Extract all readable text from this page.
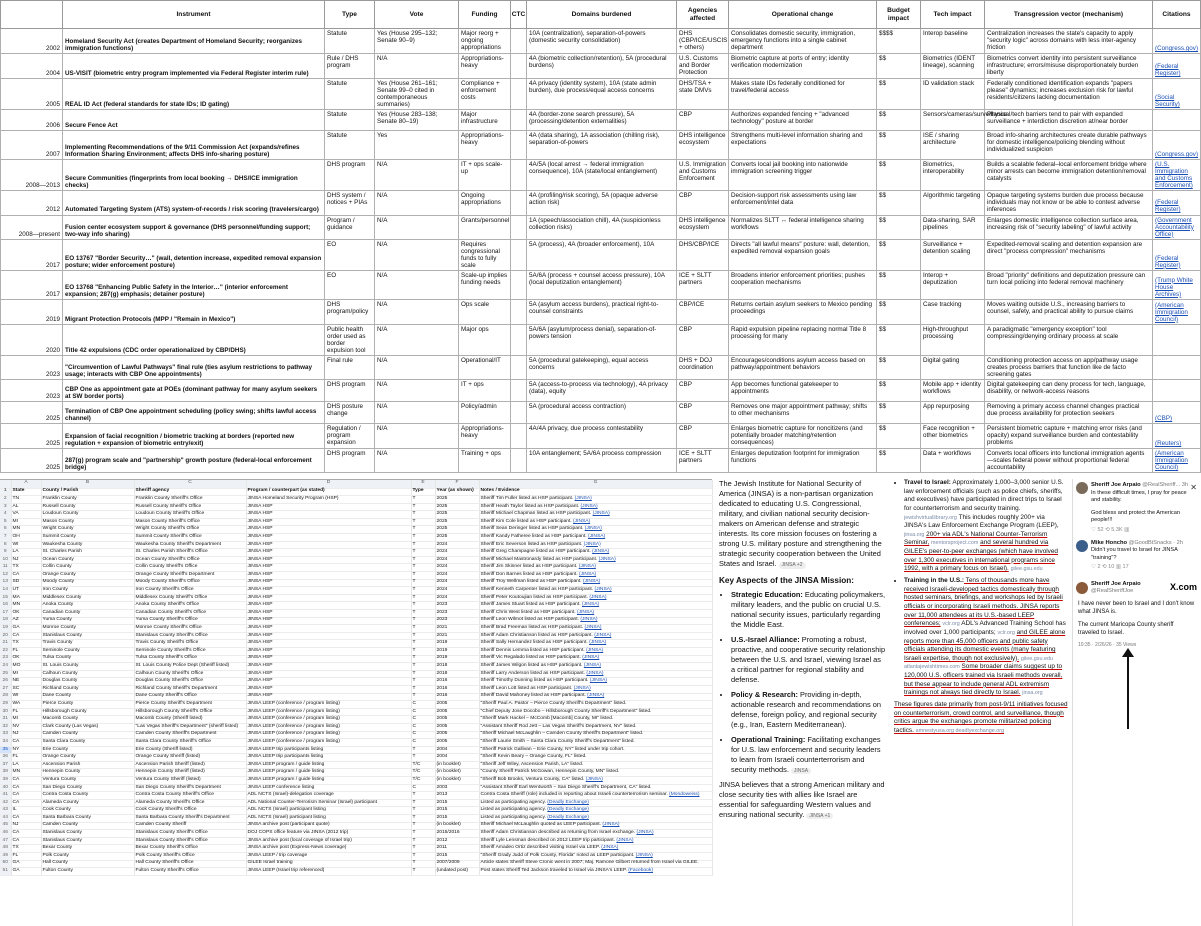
	Instrument	Type	Vote	Funding	CTC	Domains burdened	Agencies affected	Operational change	Budget impact	Tech impact	Transgression vector (mechanism)	Citations
2002	Homeland Security Act (creates Department of Homeland Security; reorganizes immigration functions)	Statute	Yes (House 295–132; Senate 90–9)	Major reorg + ongoing appropriations		10A (centralization), separation-of-powers (domestic security consolidation)	DHS (CBP/ICE/USCIS + others)	Consolidates domestic security, immigration, emergency functions into a single cabinet department	$$$$	Interop baseline	Centralization increases the state's capacity to apply "security logic" across domains with less inter-agency friction	(Congress.gov)
2004	US-VISIT (biometric entry program implemented via Federal Register interim rule)	Rule / DHS program	N/A	Appropriations-heavy		4A (biometric collection/retention), 5A (procedural burdens)	U.S. Customs and Border Protection	Biometric capture at ports of entry; identity verification modernization	$$	Biometrics (IDENT lineage), scanning	Biometrics convert identity into persistent surveillance infrastructure; errors/misuse disproportionately burden liberty	(Federal Register)
2005	REAL ID Act (federal standards for state IDs; ID gating)	Statute	Yes (House 261–161; Senate 99–0 cited in contemporaneous summaries)	Compliance + enforcement costs		4A privacy (identity system), 10A (state admin burden), due process/equal access concerns	DHS/TSA + state DMVs	Makes state IDs federally conditioned for travel/federal access	$$	ID validation stack	Federally conditioned identification expands "papers please" dynamics; increases exclusion risk for lawful residents/citizens lacking documentation	(Social Security)
2006	Secure Fence Act	Statute	Yes (House 283–138; Senate 80–19)	Major infrastructure		4A (border-zone search pressure), 5A (processing/detention externalities)	CBP	Authorizes expanded fencing + "advanced technology" posture at border	$$	Sensors/cameras/surveillance	Physical/tech barriers tend to pair with expanded surveillance + interdiction discretion at/near border	
2007	Implementing Recommendations of the 9/11 Commission Act (expands/refines Information Sharing Environment; affects DHS info-sharing posture)	Statute	Yes	Appropriations-heavy		4A (data sharing), 1A association (chilling risk), separation-of-powers	DHS intelligence ecosystem	Strengthens multi-level information sharing and expectations	$$	ISE / sharing architecture	Broad info-sharing architectures create durable pathways for domestic intelligence/policing blending without individualized suspicion	(Congress.gov)
2008—2013	Secure Communities (fingerprints from local booking → DHS/ICE immigration checks)	DHS program	N/A	IT + ops scale-up		4A/5A (local arrest → federal immigration consequence), 10A (state/local entanglement)	U.S. Immigration and Customs Enforcement	Converts local jail booking into nationwide immigration screening trigger	$$	Biometrics, interoperability	Builds a scalable federal–local enforcement bridge where minor arrests can become immigration detention/removal catalysts	(U.S. Immigration and Customs Enforcement)
2012	Automated Targeting System (ATS) system-of-records / risk scoring (travelers/cargo)	DHS system / notices + PIAs	N/A	Ongoing appropriations		4A (profiling/risk scoring), 5A (opaque adverse action risk)	CBP	Decision-support risk assessments using law enforcement/intel data	$$	Algorithmic targeting	Opaque targeting systems burden due process because individuals may not know or be able to contest adverse inferences	(Federal Register)
2008—present	Fusion center ecosystem support & governance (DHS personnel/funding support; two-way info sharing)	Program / guidance	N/A	Grants/personnel		1A (speech/association chill), 4A (suspicionless collection risks)	DHS intelligence ecosystem	Normalizes SLTT ↔ federal intelligence sharing workflows	$$	Data-sharing, SAR pipelines	Enlarges domestic intelligence collection surface area, increasing risk of "security labeling" of lawful activity	(Government Accountability Office)
2017	EO 13767 "Border Security…" (wall, detention increase, expedited removal expansion posture; wider enforcement posture)	EO	N/A	Requires congressional funds to fully scale		5A (process), 4A (broader enforcement), 10A	DHS/CBP/ICE	Directs "all lawful means" posture: wall, detention, expedited removal expansion goals	$$	Surveillance + detention scaling	Expedited-removal scaling and detention expansion are direct "process compression" mechanisms	(Federal Register)
2017	EO 13768 "Enhancing Public Safety in the Interior…" (interior enforcement expansion; 287(g) emphasis; detainer posture)	EO	N/A	Scale-up implies funding needs		5A/6A (process + counsel access pressure), 10A (local deputization entanglement)	ICE + SLTT partners	Broadens interior enforcement priorities; pushes cooperation mechanisms	$$	Interop + deputization	Broad "priority" definitions and deputization pressure can turn local policing into federal removal machinery	(Trump White House Archives)
2019	Migrant Protection Protocols (MPP / "Remain in Mexico")	DHS program/policy	N/A	Ops scale		5A (asylum access burdens), practical right-to-counsel constraints	CBP/ICE	Returns certain asylum seekers to Mexico pending proceedings	$$	Case tracking	Moves waiting outside U.S., increasing barriers to counsel, safety, and practical ability to pursue claims	(American Immigration Council)
2020	Title 42 expulsions (CDC order operationalized by CBP/DHS)	Public health order used as border expulsion tool	N/A	Major ops		5A/6A (asylum/process denial), separation-of-powers tension	CBP	Rapid expulsion pipeline replacing normal Title 8 processing for many	$$	High-throughput processing	A paradigmatic "emergency exception" tool compressing/denying ordinary process at scale	
2023	"Circumvention of Lawful Pathways" final rule (ties asylum restrictions to pathway usage; interacts with CBP One appointments)	Final rule	N/A	Operational/IT		5A (procedural gatekeeping), equal access concerns	DHS + DOJ coordination	Encourages/conditions asylum access based on pathway/appointment behaviors	$$	Digital gating	Conditioning protection access on app/pathway usage creates process barriers that function like de facto screening gates	
2023	CBP One as appointment gate at POEs (dominant pathway for many asylum seekers at SW border ports)	DHS program	N/A	IT + ops		5A (access-to-process via technology), 4A privacy (data), equity	CBP	App becomes functional gatekeeper to appointments	$$	Mobile app + identity workflows	Digital gatekeeping can deny process for tech, language, disability, or network-access reasons	
2025	Termination of CBP One appointment scheduling (policy swing; shifts lawful access channel)	DHS posture change	N/A	Policy/admin		5A (procedural access contraction)	CBP	Removes one major appointment pathway; shifts to other mechanisms	$$	App repurposing	Removing a primary access channel changes practical due process availability for protection seekers	(CBP)
2025	Expansion of facial recognition / biometric tracking at borders (reported new regulation + expansion of biometric entry/exit)	Regulation / program expansion	N/A	Appropriations-heavy		4A/4A privacy, due process contestability	CBP	Enlarges biometric capture for noncitizens (and potentially broader matching/retention consequences)	$$	Face recognition + other biometrics	Persistent biometric capture + matching error risks (and opacity) expand surveillance burden and contestability problems	(Reuters)
2025	287(g) program scale and "partnership" growth posture (federal-local enforcement bridge)	DHS program	N/A	Training + ops		10A entanglement; 5A/6A process compression	ICE + SLTT partners	Enlarges deputization footprint for immigration functions	$$	Data + workflows	Converts local officers into functional immigration agents—scales federal power without proportional federal accountability	(American Immigration Council)
	A	B	C	D	E	F	G
1	State	County / Parish	Sheriff agency	Program / counterpart (as stated)	Type	Year (as shown)	Notes / Evidence
2	TN	Franklin County	Franklin County Sheriff's Office	JINSA Homeland Security Program (HSP)	T	2025	Sheriff Tim Fuller listed as HSP participant. (JINSA)
3	AL	Russell County	Russell County Sheriff's Office	JINSA HSP	T	2025	Sheriff Heath Taylor listed as HSP participant. (JINSA)
4	VA	Loudoun County	Loudoun County Sheriff's Office	JINSA HSP	T	2025	Sheriff Michael Chapman listed as HSP participant. (JINSA)
5	MI	Mason County	Mason County Sheriff's Office	JINSA HSP	T	2025	Sheriff Kim Cole listed as HSP participant. (JINSA)
6	MN	Wright County	Wright County Sheriff's Office	JINSA HSP	T	2025	Sheriff Sean Deringer listed as HSP participant. (JINSA)
7	OH	Summit County	Summit County Sheriff's Office	JINSA HSP	T	2025	Sheriff Kandy Fatheree listed as HSP participant. (JINSA)
8	WI	Waukesha County	Waukesha County Sheriff's Department	JINSA HSP	T	2024	Sheriff Eric Severson listed as HSP participant. (JINSA)
9	LA	St. Charles Parish	St. Charles Parish Sheriff's Office	JINSA HSP	T	2024	Sheriff Greg Champagne listed as HSP participant. (JINSA)
10	NJ	Ocean County	Ocean County Sheriff's Office	JINSA HSP	T	2024	Sheriff Michael Mastronardy listed as HSP participant. (JINSA)
11	TX	Collin County	Collin County Sheriff's Office	JINSA HSP	T	2024	Sheriff Jim Skinner listed as HSP participant. (JINSA)
12	CA	Orange County	Orange County Sheriff's Department	JINSA HSP	T	2024	Sheriff Don Barnes listed as HSP participant. (JINSA)
13	SD	Moody County	Moody County Sheriff's Office	JINSA HSP	T	2024	Sheriff Troy Wellman listed as HSP participant. (JINSA)
14	UT	Iron County	Iron County Sheriff's Office	JINSA HSP	T	2024	Sheriff Kenneth Carpenter listed as HSP participant. (JINSA)
15	MA	Middlesex County	Middlesex County Sheriff's Office	JINSA HSP	T	2024	Sheriff Peter Koutoujian listed as HSP participant. (JINSA)
16	MN	Anoka County	Anoka County Sheriff's Office	JINSA HSP	T	2023	Sheriff James Stuart listed as HSP participant. (JINSA)
17	OK	Canadian County	Canadian County Sheriff's Office	JINSA HSP	T	2023	Sheriff Chris West listed as HSP participant. (JINSA)
18	AZ	Yuma County	Yuma County Sheriff's Office	JINSA HSP	T	2023	Sheriff Leon Wilmot listed as HSP participant. (JINSA)
19	GA	Monroe County	Monroe County Sheriff's Office	JINSA HSP	T	2021	Sheriff Brad Freeman listed as HSP participant. (JINSA)
20	CA	Stanislaus County	Stanislaus County Sheriff's Office	JINSA HSP	T	2021	Sheriff Adam Christianson listed as HSP participant. (JINSA)
21	TX	Travis County	Travis County Sheriff's Office	JINSA HSP	T	2019	Sheriff Sally Hernandez listed as HSP participant. (JINSA)
22	FL	Seminole County	Seminole County Sheriff's Office	JINSA HSP	T	2019	Sheriff Dennis Lemma listed as HSP participant. (JINSA)
23	OK	Tulsa County	Tulsa County Sheriff's Office	JINSA HSP	T	2019	Sheriff Vic Regalado listed as HSP participant. (JINSA)
24	MO	St. Louis County	St. Louis County Police Dept (Sheriff listed)	JINSA HSP	T	2018	Sheriff James Wilgon listed as HSP participant. (JINSA)
25	MI	Calhoun County	Calhoun County Sheriff's Office	JINSA HSP	T	2018	Sheriff Larry Anderson listed as HSP participant. (JINSA)
26	NE	Douglas County	Douglas County Sheriff's Office	JINSA HSP	T	2016	Sheriff Timothy Dunning listed as HSP participant. (JINSA)
27	SC	Richland County	Richland County Sheriff's Department	JINSA HSP	T	2016	Sheriff Leon Lott listed as HSP participant. (JINSA)
28	WI	Dane County	Dane County Sheriff's Office	JINSA HSP	T	2016	Sheriff David Mahoney listed as HSP participant. (JINSA)
29	WA	Pierce County	Pierce County Sheriff's Department	JINSA LEEP (conference / program listing)	C	2005	"Sheriff Paul A. Pastor – Pierce County Sheriff's Department" listed.
30	FL	Hillsborough County	Hillsborough County Sheriff's Office	JINSA LEEP (conference / program listing)	C	2005	"Chief Deputy Jose Docobo – Hillsborough County Sheriff's Department" listed.
31	MI	Macomb County	Macomb County (Sheriff listed)	JINSA LEEP (conference / program listing)	C	2005	"Sheriff Mark Hackel – McComb [Macomb] County, MI" listed.
32	NV	Clark County (Las Vegas)	"Las Vegas Sheriff's Department" (sheriff listed)	JINSA LEEP (conference / program listing)	C	2005	"Assistant Sheriff Rod Jett – Las Vegas Sheriff's Department, NV" listed.
33	NJ	Camden County	Camden County Sheriff's Department	JINSA LEEP (conference / program listing)	C	2005	"Sheriff Michael McLaughlin – Camden County Sheriff's Department" listed.
34	CA	Santa Clara County	Santa Clara County Sheriff's Office	JINSA LEEP (conference / program listing)	C	2005	"Sheriff Laurie Smith – Santa Clara County Sheriff's Department" listed.
35	NY	Erie County	Erie County (Sheriff listed)	JINSA LEEP trip participants listing	T	2004	"Sheriff Patrick Gallivan – Erie County, NY" listed under trip cohort.
36	FL	Orange County	Orange County Sheriff (listed)	JINSA LEEP trip participants listing	T	2004	"Sheriff Kevin Beary – Orange County, FL" listed.
37	LA	Ascension Parish	Ascension Parish Sheriff (listed)	JINSA LEEP program / guide listing	T/C	(in booklet)	"Sheriff Jeff Wiley, Ascension Parish, LA" listed.
38	MN	Hennepin County	Hennepin County Sheriff (listed)	JINSA LEEP program / guide listing	T/C	(in booklet)	"County Sheriff Patrick McGowan, Hennepin County, MN" listed.
39	CA	Ventura County	Ventura County Sheriff (listed)	JINSA LEEP program / guide listing	T/C	(in booklet)	"Sheriff Bob Brooks, Ventura County, CA" listed. (JINSA)
40	CA	San Diego County	San Diego County Sheriff's Department	JINSA LEEP conference listing	C	2003	"Assistant Sheriff Earl Wentworth – San Diego Sheriff's Department, CA" listed.
41	CA	Contra Costa County	Contra Costa County Sheriff's Office	ADL NCTS (Israel)-delegation coverage	T	2013	Contra Costa Sheriff (role) included in reporting about Israeli counterterrorism seminar. (Mondoweiss)
42	CA	Alameda County	Alameda County Sheriff's Office	ADL National Counter-Terrorism Seminar (Israel) participant	T	2015	Listed as participating agency. (Deadly Exchange)
43	IL	Cook County	Cook County Sheriff's Office	ADL NCTS (Israel) participant listing	T	2015	Listed as participating agency. (Deadly Exchange)
44	CA	Santa Barbara County	Santa Barbara County Sheriff's Department	ADL NCTS (Israel) participant listing	T	2015	Listed as participating agency. (Deadly Exchange)
45	NJ	Camden County	Camden County Sheriff	JINSA archive post (participant quote)	T	(in booklet)	Sheriff Michael McLaughlin quoted as LEEP participant. (JINSA)
46	CA	Stanislaus County	Stanislaus County Sheriff's Office	DOJ COPS office feature via JINSA (2012 trip)	T	2015/2016	Sheriff Adam Christianson described as returning from Israel exchange. (JINSA)
47	CA	Stanislaus County	Stanislaus County Sheriff's Office	JINSA archive post (local coverage of Israel trip)	T	2012	Sheriff Lyle Lensman described on 2012 LEEP trip participant. (JINSA)
48	TX	Bexar County	Bexar County Sheriff's Office	JINSA archive post (Express-News coverage)	T	2011	Sheriff Amadeo Ortiz described visiting Israel via LEEP. (JINSA)
49	FL	Polk County	Polk County Sheriff's Office	JINSA LEEP / trip coverage	T	2015	"Sheriff Grady Judd of Polk County, Florida" noted as LEEP participant. (JINSA)
50	GA	Hall County	Hall County Sheriff's Office	GILEE Israel training	T	2007/2009	Article states Sheriff Steve Cronic went in 2007; Maj. Ramone Gilbert returned from Israel via GILEE.
51	GA	Fulton County	Fulton County Sheriff's Office	JINSA LEEP (Israel trip referenced)	T	(undated post)	Post states Sheriff Ted Jackson traveled to Israel via JINSA's LEEP. (Facebook)

The Jewish Institute for National Security of America (JINSA) is a non-partisan organization dedicated to educating U.S. Congressional, military, and civilian national security decision-makers on American defense and strategic interests. Its core mission focuses on fostering a strong U.S. military posture and strengthening the strategic security cooperation between the United States and Israel. JINSA +2

Key Aspects of the JINSA Mission:
• Strategic Education: Educating policymakers, military leaders, and the public on crucial U.S. national security issues, particularly regarding the Middle East.
• U.S.-Israel Alliance: Promoting a robust, proactive, and cooperative security relationship between the U.S. and Israel, viewing Israel as a critical partner for regional stability and defense.
• Policy & Research: Providing in-depth, actionable research and recommendations on defense, foreign policy, and regional security (e.g., Iran, Eastern Mediterranean).
• Operational Training: Facilitating exchanges for U.S. law enforcement and security leaders to learn from Israeli counterterrorism and security methods. JINSA

JINSA believes that a strong American military and close security ties with allies like Israel are essential for safeguarding Western values and ensuring national security. JINSA +1

• Travel to Israel: Approximately 1,000–3,000 senior U.S. law enforcement officials (such as police chiefs, sheriffs, and executives) have participated in direct trips to Israel for counterterrorism and security training. jewishvirtuallibrary.org This includes roughly 200+ via JINSA's Law Enforcement Exchange Program (LEEP), jinsa.org 200+ via ADL's National Counter-Terrorism Seminar, mentorsproject.com and several hundred via GILEE's peer-to-peer exchanges (which have involved over 1,300 executives in international programs since 1992, with a primary focus on Israel). gilee.gsu.edu
• Training in the U.S.: Tens of thousands more have received Israeli-developed tactics domestically through hosted seminars, briefings, and workshops led by Israeli officials or incorporating Israeli methods. JINSA reports over 11,000 attendees at its U.S.-based LEEP conferences; vclr.org ADL's Advanced Training School has involved over 1,000 participants; vclr.org and GILEE alone reports more than 45,000 officers and public safety officials attending its domestic events (many featuring Israeli expertise, though not exclusively). gilee.gsu.edu atlantajewishtimes.com Some broader claims suggest up to 120,000 U.S. officers trained via Israeli methods overall, but these appear to include general ADL extremism trainings not always tied directly to Israel. jinsa.org

These figures date primarily from post-9/11 initiatives focused on counterterrorism, crowd control, and surveillance, though critics argue the exchanges promote militarized policing tactics. amnestyusa.org deadlyexchange.org

✕
Sheriff Joe Arpaio @RealSheriff... 3h
In these difficult times, I pray for peace and stability.
God bless and protect the American people!!!
♡ 52 ⟲ 5.3K ▥
Mike Honcho @GoodBtSnacks · 2h
Didn't you travel to Israel for JINSA "training"?
♡ 2 ⟲ 10 ▥ 17
Sheriff Joe Arpaio
@RealSheriffJoe	X.com

I have never been to Israel and I don't know what JINSA is.

The current Maricopa County sheriff traveled to Israel.

10:35 · 2/26/26 · 35 Views
